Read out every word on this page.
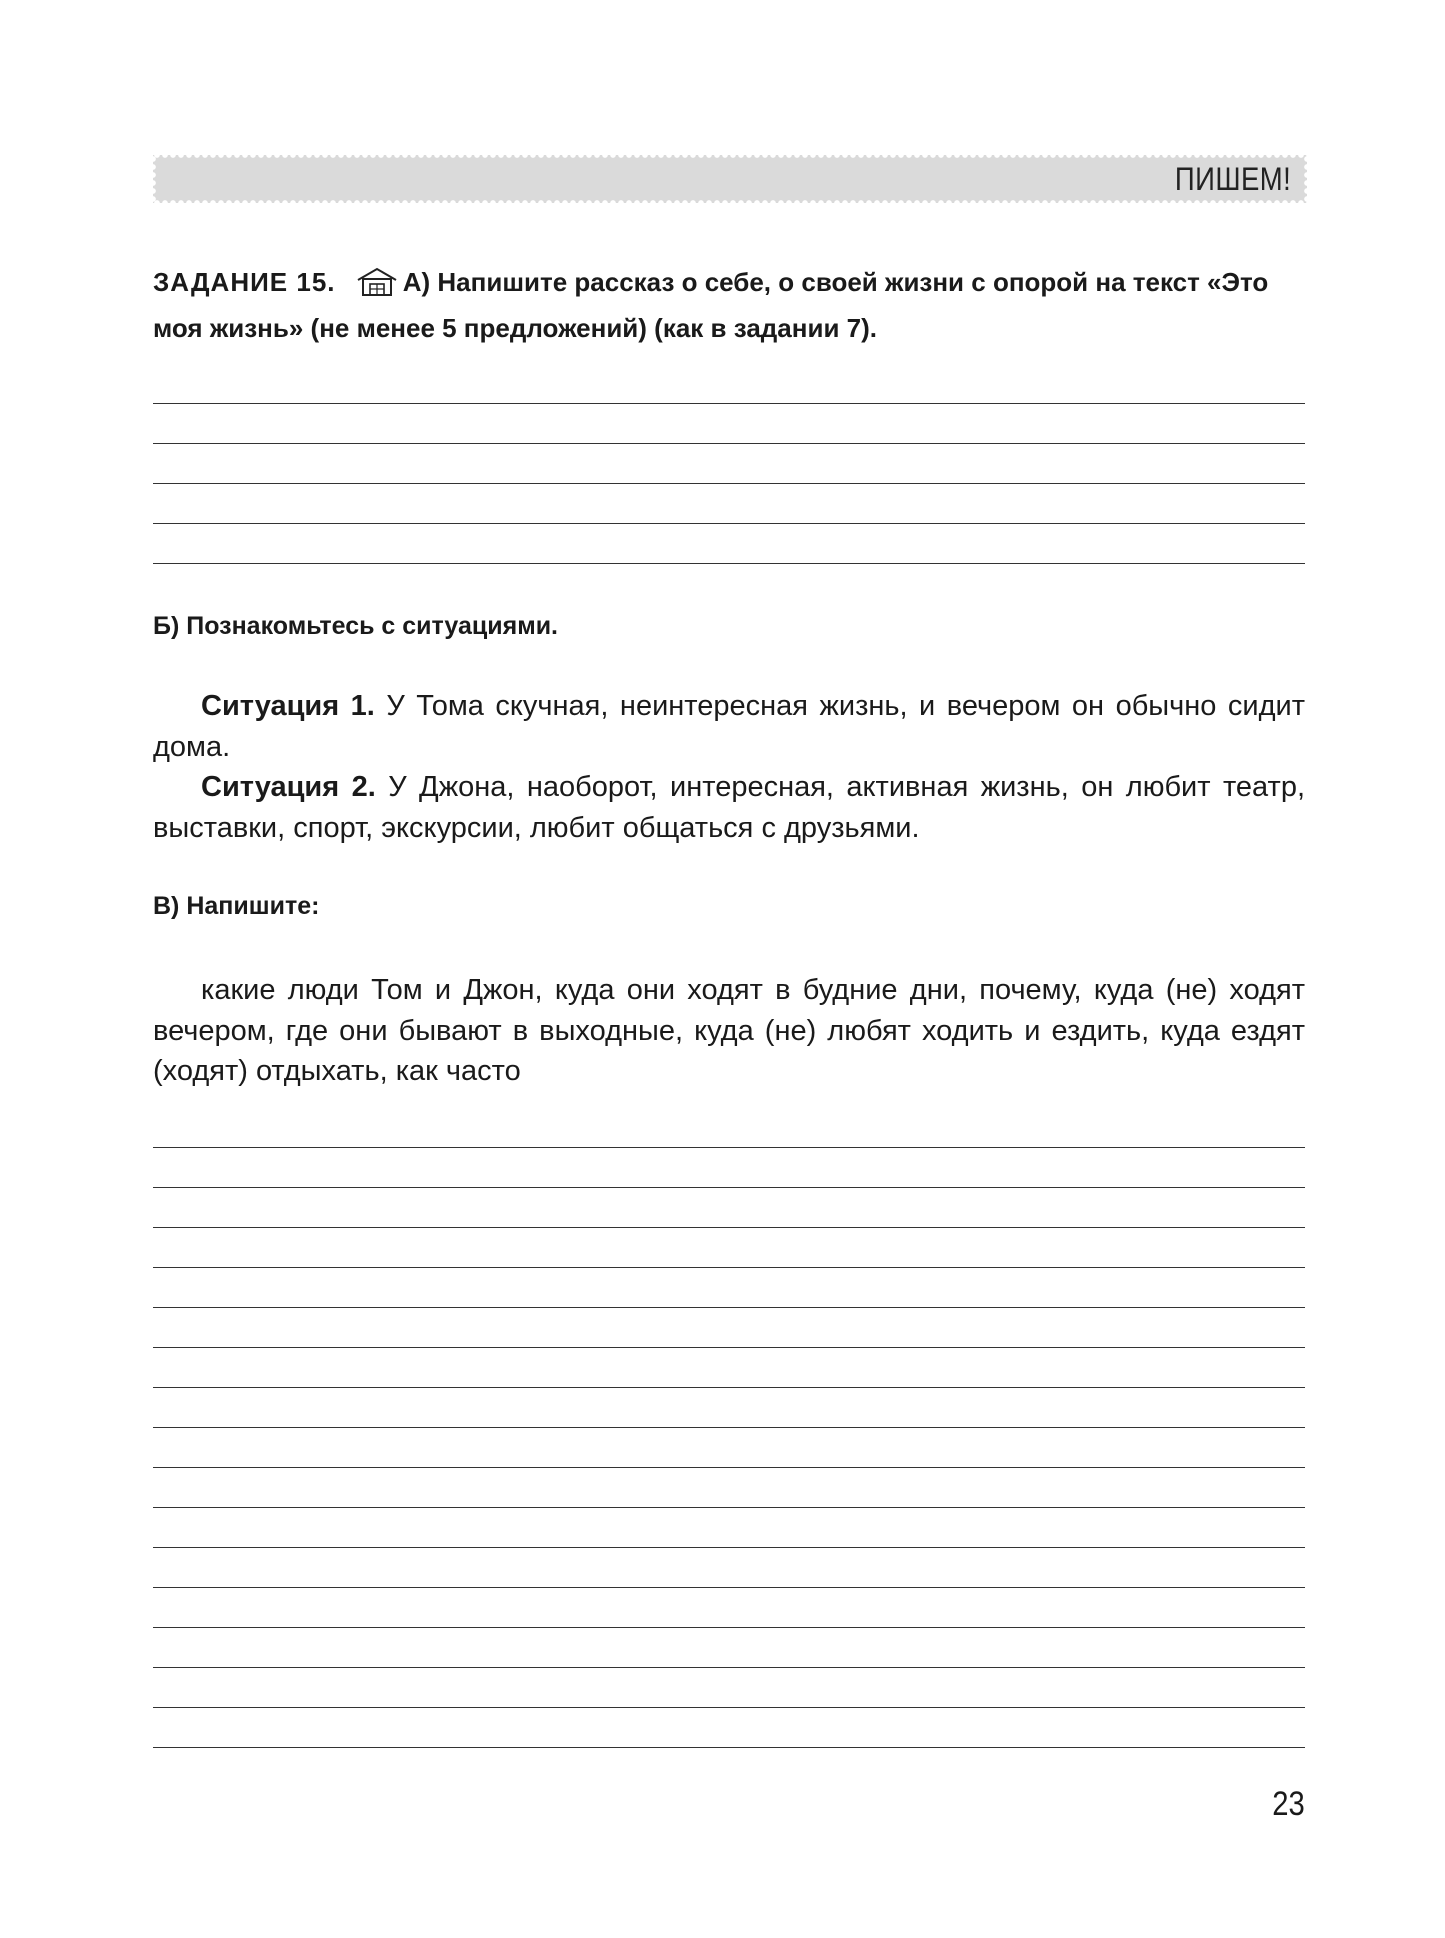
ПИШЕМ!
ЗАДАНИЕ 15.	А) Напишите рассказ о себе, о своей жизни с опорой на текст «Это моя жизнь» (не менее 5 предложений) (как в задании 7).
Б) Познакомьтесь с ситуациями.

Ситуация 1. У Тома скучная, неинтересная жизнь, и вечером он обычно сидит дома.

Ситуация 2. У Джона, наоборот, интересная, активная жизнь, он любит театр, выставки, спорт, экскурсии, любит общаться с друзьями.

В) Напишите:

какие люди Том и Джон, куда они ходят в будние дни, почему, куда (не) ходят вечером, где они бывают в выходные, куда (не) любят ходить и ездить, куда ездят (ходят) отдыхать, как часто

23
